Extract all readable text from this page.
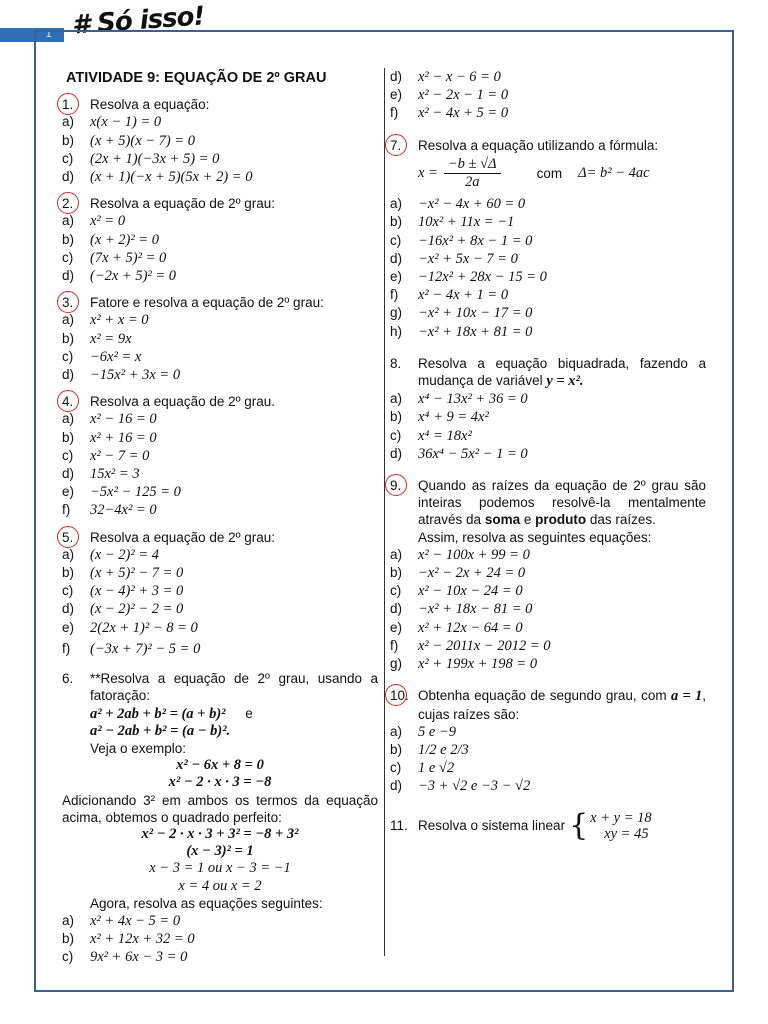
1 # Só isso!
ATIVIDADE 9: EQUAÇÃO DE 2º GRAU
1.	Resolva a equação:
a)	x(x − 1) = 0
b)	(x + 5)(x − 7) = 0
c)	(2x + 1)(−3x + 5) = 0
d)	(x + 1)(−x + 5)(5x + 2) = 0
2.	Resolva a equação de 2º grau:
a)	x² = 0
b)	(x + 2)² = 0
c)	(7x + 5)² = 0
d)	(−2x + 5)² = 0
3.	Fatore e resolva a equação de 2º grau:
a)	x² + x = 0
b)	x² = 9x
c)	−6x² = x
d)	−15x² + 3x = 0
4.	Resolva a equação de 2º grau.
a)	x² − 16 = 0
b)	x² + 16 = 0
c)	x² − 7 = 0
d)	15x² = 3
e)	−5x² − 125 = 0
f)	32−4x² = 0
5.	Resolva a equação de 2º grau:
a)	(x − 2)² = 4
b)	(x + 5)² − 7 = 0
c)	(x − 4)² + 3 = 0
d)	(x − 2)² − 2 = 0
e)	2(2x + 1)² − 8 = 0
f)	(−3x + 7)² − 5 = 0
6.	**Resolva a equação de 2º grau, usando a fatoração:
a² + 2ab + b² = (a + b)² e
a² − 2ab + b² = (a − b)².
Veja o exemplo:
x² − 6x + 8 = 0
x² − 2 · x · 3 = −8
Adicionando 3² em ambos os termos da equação acima, obtemos o quadrado perfeito:
x² − 2 · x · 3 + 3² = −8 + 3²
(x − 3)² = 1
x − 3 = 1 ou x − 3 = −1
x = 4 ou x = 2
Agora, resolva as equações seguintes:
a)	x² + 4x − 5 = 0
b)	x² + 12x + 32 = 0
c)	9x² + 6x − 3 = 0
d)	x² − x − 6 = 0
e)	x² − 2x − 1 = 0
f)	x² − 4x + 5 = 0
7.	Resolva a equação utilizando a fórmula:
$x = \frac{-b \pm √\Delta}{2a}$	com Δ= b² − 4ac
a)	−x² − 4x + 60 = 0
b)	10x² + 11x = −1
c)	−16x² + 8x − 1 = 0
d)	−x² + 5x − 7 = 0
e)	−12x² + 28x − 15 = 0
f)	x² − 4x + 1 = 0
g)	−x² + 10x − 17 = 0
h)	−x² + 18x + 81 = 0
8.	Resolva a equação biquadrada, fazendo a mudança de variável y = x².
a)	x⁴ − 13x² + 36 = 0
b)	x⁴ + 9 = 4x²
c)	x⁴ = 18x²
d)	36x⁴ − 5x² − 1 = 0
9.	Quando as raízes da equação de 2º grau são inteiras podemos resolvê-la mentalmente através da soma e produto das raízes.
Assim, resolva as seguintes equações:
a)	x² − 100x + 99 = 0
b)	−x² − 2x + 24 = 0
c)	x² − 10x − 24 = 0
d)	−x² + 18x − 81 = 0
e)	x² + 12x − 64 = 0
f)	x² − 2011x − 2012 = 0
g)	x² + 199x + 198 = 0
10. Obtenha equação de segundo grau, com a = 1, cujas raízes são:
a)	5 e −9
b)	1/2 e 2/3
c)	1 e √2
d)	−3 + √2 e −3 − √2
11. Resolva o sistema linear { x + y = 18
xy = 45
